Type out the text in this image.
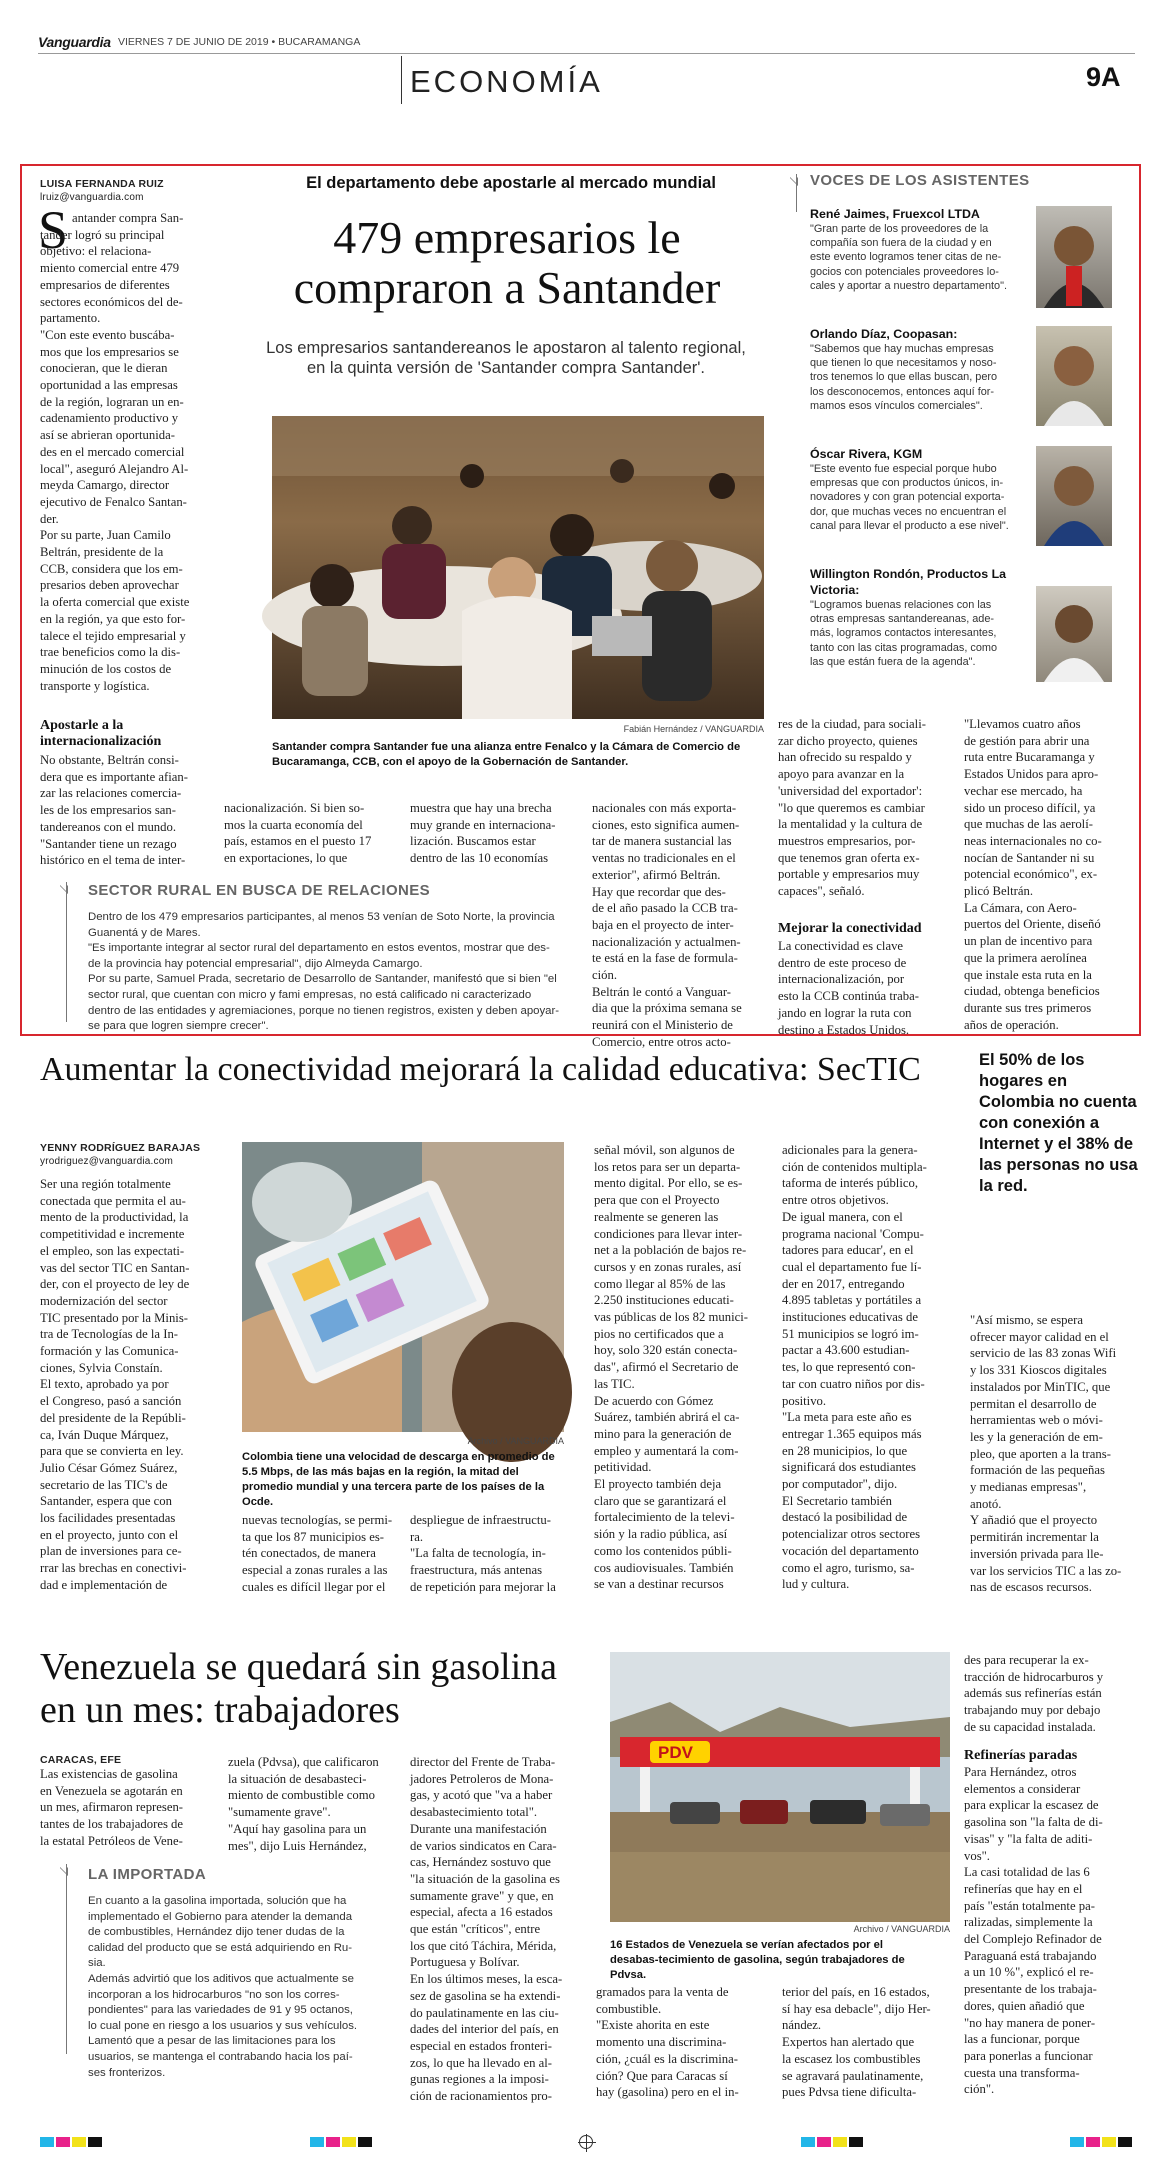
Vanguardia VIERNES 7 DE JUNIO DE 2019 • BUCARAMANGA
ECONOMÍA	9A
LUISA FERNANDA RUIZ
lruiz@vanguardia.com
S antander compra San-
tander logró su principal
objetivo: el relaciona-
miento comercial entre 479
empresarios de diferentes
sectores económicos del de-
partamento.
"Con este evento buscába-
mos que los empresarios se
conocieran, que le dieran
oportunidad a las empresas
de la región, lograran un en-
cadenamiento productivo y
así se abrieran oportunida-
des en el mercado comercial
local", aseguró Alejandro Al-
meyda Camargo, director
ejecutivo de Fenalco Santan-
der.
Por su parte, Juan Camilo
Beltrán, presidente de la
CCB, considera que los em-
presarios deben aprovechar
la oferta comercial que existe
en la región, ya que esto for-
talece el tejido empresarial y
trae beneficios como la dis-
minución de los costos de
transporte y logística.
Apostarle a la internacionalización
No obstante, Beltrán consi-
dera que es importante afian-
zar las relaciones comercia-
les de los empresarios san-
tandereanos con el mundo.
"Santander tiene un rezago
histórico en el tema de inter-
El departamento debe apostarle al mercado mundial
479 empresarios le compraron a Santander
Los empresarios santandereanos le apostaron al talento regional, en la quinta versión de 'Santander compra Santander'.
Fabián Hernández / VANGUARDIA
Santander compra Santander fue una alianza entre Fenalco y la Cámara de Comercio de Bucaramanga, CCB, con el apoyo de la Gobernación de Santander.
VOCES DE LOS ASISTENTES
René Jaimes, Fruexcol LTDA
"Gran parte de los proveedores de la
compañía son fuera de la ciudad y en
este evento logramos tener citas de ne-
gocios con potenciales proveedores lo-
cales y aportar a nuestro departamento".
Orlando Díaz, Coopasan:
"Sabemos que hay muchas empresas
que tienen lo que necesitamos y noso-
tros tenemos lo que ellas buscan, pero
los desconocemos, entonces aquí for-
mamos esos vínculos comerciales".
Óscar Rivera, KGM
"Este evento fue especial porque hubo
empresas que con productos únicos, in-
novadores y con gran potencial exporta-
dor, que muchas veces no encuentran el
canal para llevar el producto a ese nivel".
Willington Rondón, Productos La Victoria:
"Logramos buenas relaciones con las
otras empresas santandereanas, ade-
más, logramos contactos interesantes,
tanto con las citas programadas, como
las que están fuera de la agenda".
nacionalización. Si bien so-
mos la cuarta economía del
país, estamos en el puesto 17
en exportaciones, lo que
muestra que hay una brecha
muy grande en internaciona-
lización. Buscamos estar
dentro de las 10 economías
nacionales con más exporta-
ciones, esto significa aumen-
tar de manera sustancial las
ventas no tradicionales en el
exterior", afirmó Beltrán.
Hay que recordar que des-
de el año pasado la CCB tra-
baja en el proyecto de inter-
nacionalización y actualmen-
te está en la fase de formula-
ción.
Beltrán le contó a Vanguar-
dia que la próxima semana se
reunirá con el Ministerio de
Comercio, entre otros acto-
res de la ciudad, para sociali-
zar dicho proyecto, quienes
han ofrecido su respaldo y
apoyo para avanzar en la
'universidad del exportador':
"lo que queremos es cambiar
la mentalidad y la cultura de
muestros empresarios, por-
que tenemos gran oferta ex-
portable y empresarios muy
capaces", señaló.
Mejorar la conectividad
La conectividad es clave
dentro de este proceso de
internacionalización, por
esto la CCB continúa traba-
jando en lograr la ruta con
destino a Estados Unidos.
"Llevamos cuatro años
de gestión para abrir una
ruta entre Bucaramanga y
Estados Unidos para apro-
vechar ese mercado, ha
sido un proceso difícil, ya
que muchas de las aerolí-
neas internacionales no co-
nocían de Santander ni su
potencial económico", ex-
plicó Beltrán.
La Cámara, con Aero-
puertos del Oriente, diseñó
un plan de incentivo para
que la primera aerolínea
que instale esta ruta en la
ciudad, obtenga beneficios
durante sus tres primeros
años de operación.
SECTOR RURAL EN BUSCA DE RELACIONES
Dentro de los 479 empresarios participantes, al menos 53 venían de Soto Norte, la provincia
Guanentá y de Mares.
"Es importante integrar al sector rural del departamento en estos eventos, mostrar que des-
de la provincia hay potencial empresarial", dijo Almeyda Camargo.
Por su parte, Samuel Prada, secretario de Desarrollo de Santander, manifestó que si bien "el
sector rural, que cuentan con micro y fami empresas, no está calificado ni caracterizado
dentro de las entidades y agremiaciones, porque no tienen registros, existen y deben apoyar-
se para que logren siempre crecer".
Aumentar la conectividad mejorará la calidad educativa: SecTIC	El 50% de los hogares en Colombia no cuenta con conexión a Internet y el 38% de las personas no usa la red.
YENNY RODRÍGUEZ BARAJAS
yrodriguez@vanguardia.com
Ser una región totalmente
conectada que permita el au-
mento de la productividad, la
competitividad e incremente
el empleo, son las expectati-
vas del sector TIC en Santan-
der, con el proyecto de ley de
modernización del sector
TIC presentado por la Minis-
tra de Tecnologías de la In-
formación y las Comunica-
ciones, Sylvia Constaín.
El texto, aprobado ya por
el Congreso, pasó a sanción
del presidente de la Repúbli-
ca, Iván Duque Márquez,
para que se convierta en ley.
Julio César Gómez Suárez,
secretario de las TIC's de
Santander, espera que con
los facilidades presentadas
en el proyecto, junto con el
plan de inversiones para ce-
rrar las brechas en conectivi-
dad e implementación de
Archivo / VANGUARDIA
Colombia tiene una velocidad de descarga en promedio de 5.5 Mbps, de las más bajas en la región, la mitad del promedio mundial y una tercera parte de los países de la Ocde.
nuevas tecnologías, se permi-
ta que los 87 municipios es-
tén conectados, de manera
especial a zonas rurales a las
cuales es difícil llegar por el
despliegue de infraestructu-
ra.
"La falta de tecnología, in-
fraestructura, más antenas
de repetición para mejorar la
señal móvil, son algunos de
los retos para ser un departa-
mento digital. Por ello, se es-
pera que con el Proyecto
realmente se generen las
condiciones para llevar inter-
net a la población de bajos re-
cursos y en zonas rurales, así
como llegar al 85% de las
2.250 instituciones educati-
vas públicas de los 82 munici-
pios no certificados que a
hoy, solo 320 están conecta-
das", afirmó el Secretario de
las TIC.
De acuerdo con Gómez
Suárez, también abrirá el ca-
mino para la generación de
empleo y aumentará la com-
petitividad.
El proyecto también deja
claro que se garantizará el
fortalecimiento de la televi-
sión y la radio pública, así
como los contenidos públi-
cos audiovisuales. También
se van a destinar recursos
adicionales para la genera-
ción de contenidos multipla-
taforma de interés público,
entre otros objetivos.
De igual manera, con el
programa nacional 'Compu-
tadores para educar', en el
cual el departamento fue lí-
der en 2017, entregando
4.895 tabletas y portátiles a
instituciones educativas de
51 municipios se logró im-
pactar a 43.600 estudian-
tes, lo que representó con-
tar con cuatro niños por dis-
positivo.
"La meta para este año es
entregar 1.365 equipos más
en 28 municipios, lo que
significará dos estudiantes
por computador", dijo.
El Secretario también
destacó la posibilidad de
potencializar otros sectores
vocación del departamento
como el agro, turismo, sa-
lud y cultura.
"Así mismo, se espera
ofrecer mayor calidad en el
servicio de las 83 zonas Wifi
y los 331 Kioscos digitales
instalados por MinTIC, que
permitan el desarrollo de
herramientas web o móvi-
les y la generación de em-
pleo, que aporten a la trans-
formación de las pequeñas
y medianas empresas",
anotó.
Y añadió que el proyecto
permitirán incrementar la
inversión privada para lle-
var los servicios TIC a las zo-
nas de escasos recursos.
Venezuela se quedará sin gasolina en un mes: trabajadores
CARACAS, EFE
Las existencias de gasolina
en Venezuela se agotarán en
un mes, afirmaron represen-
tantes de los trabajadores de
la estatal Petróleos de Vene-
zuela (Pdvsa), que calificaron
la situación de desabasteci-
miento de combustible como
"sumamente grave".
"Aquí hay gasolina para un
mes", dijo Luis Hernández,
director del Frente de Traba-
jadores Petroleros de Mona-
gas, y acotó que "va a haber
desabastecimiento total".
Durante una manifestación
de varios sindicatos en Cara-
cas, Hernández sostuvo que
"la situación de la gasolina es
sumamente grave" y que, en
especial, afecta a 16 estados
que están "críticos", entre
los que citó Táchira, Mérida,
Portuguesa y Bolívar.
En los últimos meses, la esca-
sez de gasolina se ha extendi-
do paulatinamente en las ciu-
dades del interior del país, en
especial en estados fronteri-
zos, lo que ha llevado en al-
gunas regiones a la imposi-
ción de racionamientos pro-
LA IMPORTADA
En cuanto a la gasolina importada, solución que ha
implementado el Gobierno para atender la demanda
de combustibles, Hernández dijo tener dudas de la
calidad del producto que se está adquiriendo en Ru-
sia.
Además advirtió que los aditivos que actualmente se
incorporan a los hidrocarburos "no son los corres-
pondientes" para las variedades de 91 y 95 octanos,
lo cual pone en riesgo a los usuarios y sus vehículos.
Lamentó que a pesar de las limitaciones para los
usuarios, se mantenga el contrabando hacia los paí-
ses fronterizos.
PDV
Archivo / VANGUARDIA
16 Estados de Venezuela se verían afectados por el desabas-tecimiento de gasolina, según trabajadores de Pdvsa.
gramados para la venta de
combustible.
"Existe ahorita en este
momento una discrimina-
ción, ¿cuál es la discrimina-
ción? Que para Caracas sí
hay (gasolina) pero en el in-
terior del país, en 16 estados,
sí hay esa debacle", dijo Her-
nández.
Expertos han alertado que
la escasez los combustibles
se agravará paulatinamente,
pues Pdvsa tiene dificulta-
des para recuperar la ex-
tracción de hidrocarburos y
además sus refinerías están
trabajando muy por debajo
de su capacidad instalada.
Refinerías paradas
Para Hernández, otros
elementos a considerar
para explicar la escasez de
gasolina son "la falta de di-
visas" y "la falta de aditi-
vos".
La casi totalidad de las 6
refinerías que hay en el
país "están totalmente pa-
ralizadas, simplemente la
del Complejo Refinador de
Paraguaná está trabajando
a un 10 %", explicó el re-
presentante de los trabaja-
dores, quien añadió que
"no hay manera de poner-
las a funcionar, porque
para ponerlas a funcionar
cuesta una transforma-
ción".
